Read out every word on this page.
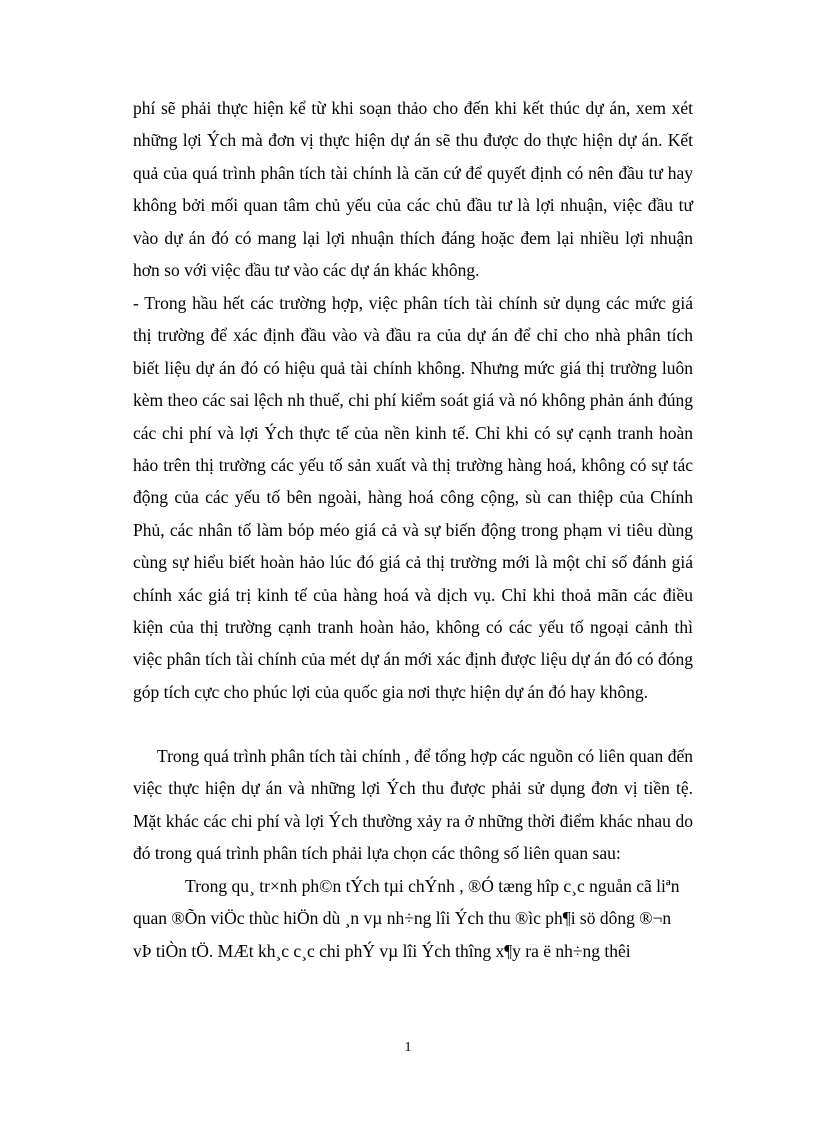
phí sẽ phải thực hiện kể từ khi soạn thảo cho đến khi kết thúc dự án, xem xét những lợi Ých mà đơn vị thực hiện dự án sẽ thu được do thực hiện dự án. Kết quả của quá trình phân tích tài chính là căn cứ để quyết định có nên đầu tư hay không bởi mối quan tâm chủ yếu của các chủ đầu tư là lợi nhuận, việc đầu tư vào dự án đó có mang lại lợi nhuận thích đáng hoặc đem lại nhiều lợi nhuận hơn so với việc đầu tư vào các dự án khác không.

- Trong hầu hết các trường hợp, việc phân tích tài chính sử dụng các mức giá thị trường để xác định đầu vào và đầu ra của dự án để chỉ cho nhà phân tích biết liệu dự án đó có hiệu quả tài chính không. Nhưng mức giá thị trường luôn kèm theo các sai lệch nh thuế, chi phí kiểm soát giá và nó không phản ánh đúng các chi phí và lợi Ých thực tế của nền kinh tế. Chỉ khi có sự cạnh tranh hoàn hảo trên thị trường các yếu tố sản xuất và thị trường hàng hoá, không có sự tác động của các yếu tố bên ngoài, hàng hoá công cộng, sù can thiệp của Chính Phủ, các nhân tố làm bóp méo giá cả và sự biến động trong phạm vi tiêu dùng cùng sự hiểu biết hoàn hảo lúc đó giá cả thị trường mới là một chỉ số đánh giá chính xác giá trị kinh tế của hàng hoá và dịch vụ. Chỉ khi thoả mãn các điều kiện của thị trường cạnh tranh hoàn hảo, không có các yếu tố ngoại cảnh thì việc phân tích tài chính của mét dự án mới xác định được liệu dự án đó có đóng góp tích cực cho phúc lợi của quốc gia nơi thực hiện dự án đó hay không.

Trong quá trình phân tích tài chính , để tổng hợp các nguồn có liên quan đến việc thực hiện dự án và những lợi Ých thu được phải sử dụng đơn vị tiền tệ. Mặt khác các chi phí và lợi Ých thường xảy ra ở những thời điểm khác nhau do đó trong quá trình phân tích phải lựa chọn các thông số liên quan sau:

Trong qu¸ tr×nh ph©n tÝch tµi chÝnh , ®Ó tæng hîp c¸c nguån cã liªn
quan ®Õn viÖc thùc hiÖn dù ¸n vµ nh÷ng lîi Ých thu ®ìc ph¶i sö dông ®¬n
vÞ tiÒn tÖ. MÆt kh¸c c¸c chi phÝ vµ lîi Ých thîng x¶y ra ë nh÷ng thêi
1
